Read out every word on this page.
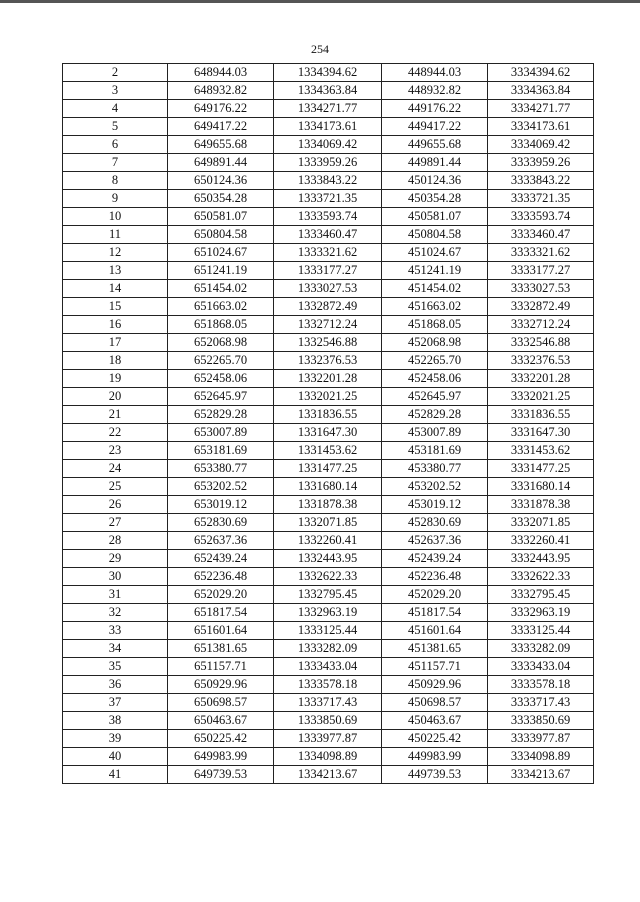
254
2	648944.03	1334394.62	448944.03	3334394.62
3	648932.82	1334363.84	448932.82	3334363.84
4	649176.22	1334271.77	449176.22	3334271.77
5	649417.22	1334173.61	449417.22	3334173.61
6	649655.68	1334069.42	449655.68	3334069.42
7	649891.44	1333959.26	449891.44	3333959.26
8	650124.36	1333843.22	450124.36	3333843.22
9	650354.28	1333721.35	450354.28	3333721.35
10	650581.07	1333593.74	450581.07	3333593.74
11	650804.58	1333460.47	450804.58	3333460.47
12	651024.67	1333321.62	451024.67	3333321.62
13	651241.19	1333177.27	451241.19	3333177.27
14	651454.02	1333027.53	451454.02	3333027.53
15	651663.02	1332872.49	451663.02	3332872.49
16	651868.05	1332712.24	451868.05	3332712.24
17	652068.98	1332546.88	452068.98	3332546.88
18	652265.70	1332376.53	452265.70	3332376.53
19	652458.06	1332201.28	452458.06	3332201.28
20	652645.97	1332021.25	452645.97	3332021.25
21	652829.28	1331836.55	452829.28	3331836.55
22	653007.89	1331647.30	453007.89	3331647.30
23	653181.69	1331453.62	453181.69	3331453.62
24	653380.77	1331477.25	453380.77	3331477.25
25	653202.52	1331680.14	453202.52	3331680.14
26	653019.12	1331878.38	453019.12	3331878.38
27	652830.69	1332071.85	452830.69	3332071.85
28	652637.36	1332260.41	452637.36	3332260.41
29	652439.24	1332443.95	452439.24	3332443.95
30	652236.48	1332622.33	452236.48	3332622.33
31	652029.20	1332795.45	452029.20	3332795.45
32	651817.54	1332963.19	451817.54	3332963.19
33	651601.64	1333125.44	451601.64	3333125.44
34	651381.65	1333282.09	451381.65	3333282.09
35	651157.71	1333433.04	451157.71	3333433.04
36	650929.96	1333578.18	450929.96	3333578.18
37	650698.57	1333717.43	450698.57	3333717.43
38	650463.67	1333850.69	450463.67	3333850.69
39	650225.42	1333977.87	450225.42	3333977.87
40	649983.99	1334098.89	449983.99	3334098.89
41	649739.53	1334213.67	449739.53	3334213.67
